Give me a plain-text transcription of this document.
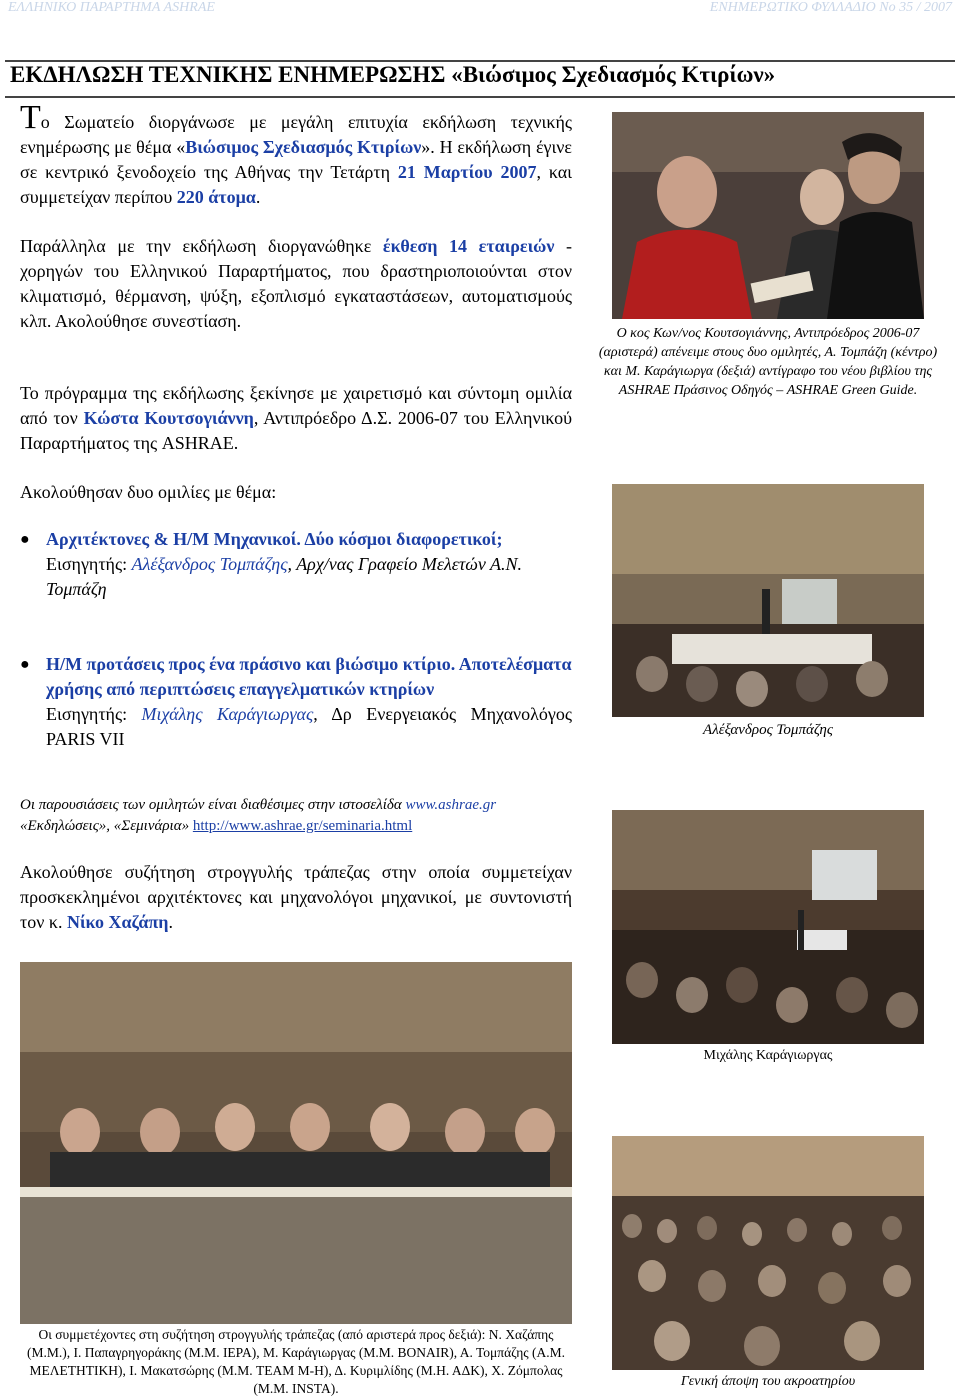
ΕΛΛΗΝΙΚΟ ΠΑΡΑΡΤΗΜΑ ASHRAE	ΕΝΗΜΕΡΩΤΙΚΟ ΦΥΛΛΑΔΙΟ Νο 35 / 2007
ΕΚΔΗΛΩΣΗ ΤΕΧΝΙΚΗΣ ΕΝΗΜΕΡΩΣΗΣ «Βιώσιμος Σχεδιασμός Κτιρίων»
Το Σωματείο διοργάνωσε με μεγάλη επιτυχία εκδήλωση τεχνικής ενημέρωσης με θέμα «Βιώσιμος Σχεδιασμός Κτιρίων». Η εκδήλωση έγινε σε κεντρικό ξενοδοχείο της Αθήνας την Τετάρτη 21 Μαρτίου 2007, και συμμετείχαν περίπου 220 άτομα.
Παράλληλα με την εκδήλωση διοργανώθηκε έκθεση 14 εταιρειών - χορηγών του Ελληνικού Παραρτήματος, που δραστηριοποιούνται στον κλιματισμό, θέρμανση, ψύξη, εξοπλισμό εγκαταστάσεων, αυτοματισμούς κλπ. Ακολούθησε συνεστίαση.
Το πρόγραμμα της εκδήλωσης ξεκίνησε με χαιρετισμό και σύντομη ομιλία από τον Κώστα Κουτσογιάννη, Αντιπρόεδρο Δ.Σ. 2006-07 του Ελληνικού Παραρτήματος της ASHRAE.
Ακολούθησαν δυο ομιλίες με θέμα:
● Αρχιτέκτονες & Η/Μ Μηχανικοί. Δύο κόσμοι διαφορετικοί;
Εισηγητής: Αλέξανδρος Τομπάζης, Αρχ/νας Γραφείο Μελετών Α.Ν. Τομπάζη
● Η/Μ προτάσεις προς ένα πράσινο και βιώσιμο κτίριο. Αποτελέσματα χρήσης από περιπτώσεις επαγγελματικών κτηρίων
Εισηγητής: Μιχάλης Καράγιωργας, Δρ Ενεργειακός Μηχανολόγος PARIS VII
Οι παρουσιάσεις των ομιλητών είναι διαθέσιμες στην ιστοσελίδα www.ashrae.gr
«Εκδηλώσεις», «Σεμινάρια» http://www.ashrae.gr/seminaria.html
Ακολούθησε συζήτηση στρογγυλής τράπεζας στην οποία συμμετείχαν προσκεκλημένοι αρχιτέκτονες και μηχανολόγοι μηχανικοί, με συντονιστή τον κ. Νίκο Χαζάπη.
Ο κος Κων/νος Κουτσογιάννης, Αντιπρόεδρος 2006-07 (αριστερά) απένειμε στους δυο ομιλητές, Α. Τομπάζη (κέντρο) και Μ. Καράγιωργα (δεξιά) αντίγραφο του νέου βιβλίου της ASHRAE Πράσινος Οδηγός – ASHRAE Green Guide.
Αλέξανδρος Τομπάζης
Μιχάλης Καράγιωργας
Οι συμμετέχοντες στη συζήτηση στρογγυλής τράπεζας (από αριστερά προς δεξιά): Ν. Χαζάπης (Μ.Μ.), Ι. Παπαγρηγοράκης (Μ.Μ. ΙΕΡΑ), Μ. Καράγιωργας (Μ.Μ. BONAIR), Α. Τομπάζης (Α.Μ. ΜΕΛΕΤΗΤΙΚΗ), Ι. Μακατσώρης (Μ.Μ. TEAM M-H), Δ. Κυριμλίδης (Μ.Η. ΑΔΚ), Χ. Ζόμπολας (Μ.Μ. INSTA).	Γενική άποψη του ακροατηρίου
